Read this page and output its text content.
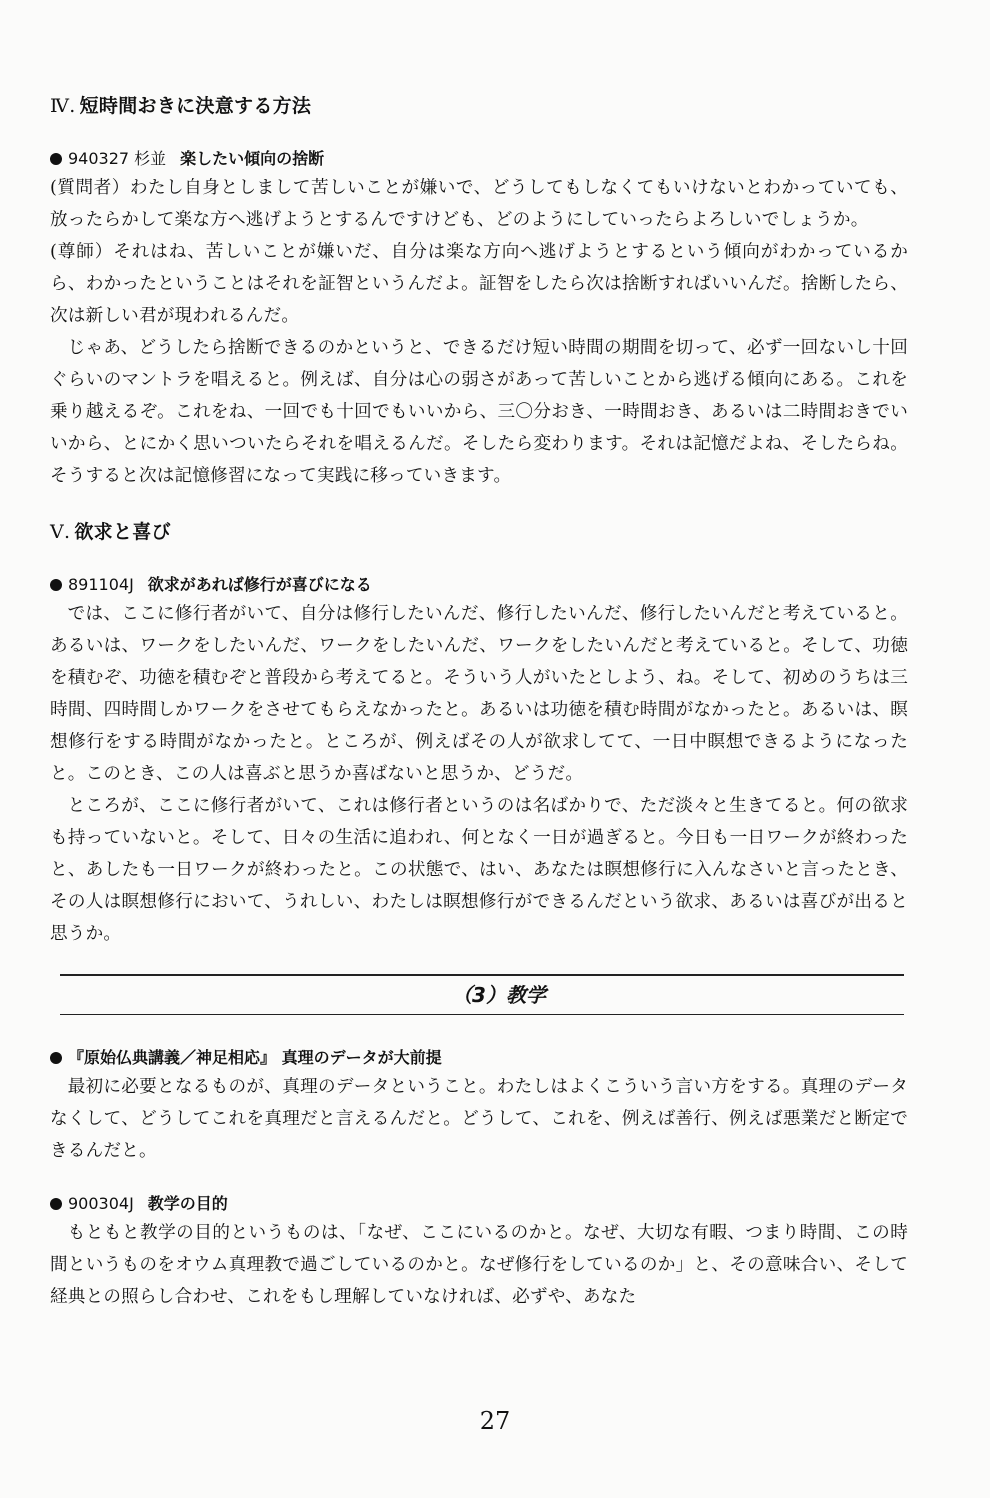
Ⅳ. 短時間おきに決意する方法
940327 杉並 楽したい傾向の捨断

(質問者）わたし自身としまして苦しいことが嫌いで、どうしてもしなくてもいけないとわかっていても、放ったらかして楽な方へ逃げようとするんですけども、どのようにしていったらよろしいでしょうか。

(尊師）それはね、苦しいことが嫌いだ、自分は楽な方向へ逃げようとするという傾向がわかっているから、わかったということはそれを証智というんだよ。証智をしたら次は捨断すればいいんだ。捨断したら、次は新しい君が現われるんだ。

じゃあ、どうしたら捨断できるのかというと、できるだけ短い時間の期間を切って、必ず一回ないし十回ぐらいのマントラを唱えると。例えば、自分は心の弱さがあって苦しいことから逃げる傾向にある。これを乗り越えるぞ。これをね、一回でも十回でもいいから、三〇分おき、一時間おき、あるいは二時間おきでいいから、とにかく思いついたらそれを唱えるんだ。そしたら変わります。それは記憶だよね、そしたらね。そうすると次は記憶修習になって実践に移っていきます。

Ⅴ. 欲求と喜び
891104J 欲求があれば修行が喜びになる

では、ここに修行者がいて、自分は修行したいんだ、修行したいんだ、修行したいんだと考えていると。あるいは、ワークをしたいんだ、ワークをしたいんだ、ワークをしたいんだと考えていると。そして、功徳を積むぞ、功徳を積むぞと普段から考えてると。そういう人がいたとしよう、ね。そして、初めのうちは三時間、四時間しかワークをさせてもらえなかったと。あるいは功徳を積む時間がなかったと。あるいは、瞑想修行をする時間がなかったと。ところが、例えばその人が欲求してて、一日中瞑想できるようになったと。このとき、この人は喜ぶと思うか喜ばないと思うか、どうだ。

ところが、ここに修行者がいて、これは修行者というのは名ばかりで、ただ淡々と生きてると。何の欲求も持っていないと。そして、日々の生活に追われ、何となく一日が過ぎると。今日も一日ワークが終わったと、あしたも一日ワークが終わったと。この状態で、はい、あなたは瞑想修行に入んなさいと言ったとき、その人は瞑想修行において、うれしい、わたしは瞑想修行ができるんだという欲求、あるいは喜びが出ると思うか。

（3）教学

『原始仏典講義／神足相応』 真理のデータが大前提

最初に必要となるものが、真理のデータということ。わたしはよくこういう言い方をする。真理のデータなくして、どうしてこれを真理だと言えるんだと。どうして、これを、例えば善行、例えば悪業だと断定できるんだと。

900304J 教学の目的

もともと教学の目的というものは、「なぜ、ここにいるのかと。なぜ、大切な有暇、つまり時間、この時間というものをオウム真理教で過ごしているのかと。なぜ修行をしているのか」と、その意味合い、そして経典との照らし合わせ、これをもし理解していなければ、必ずや、あなた

27
